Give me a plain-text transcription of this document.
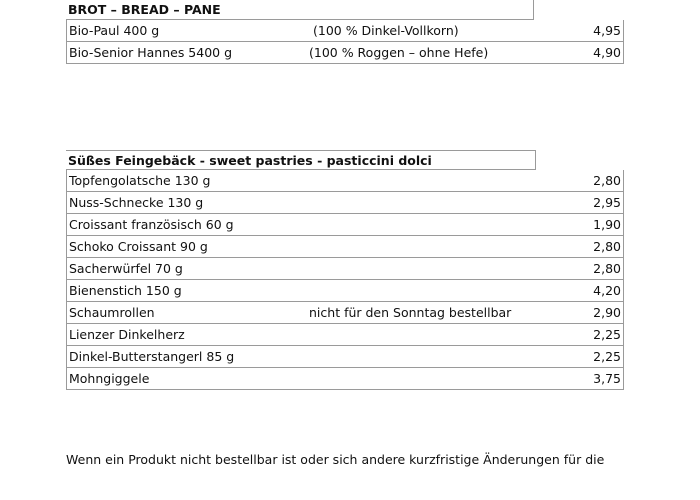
BROT – BREAD – PANE
Bio-Paul 400 g	(100 % Dinkel-Vollkorn)	4,95
Bio-Senior Hannes 5400 g	(100 % Roggen – ohne Hefe)	4,90
Süßes Feingebäck - sweet pastries - pasticcini dolci
Topfengolatsche 130 g	2,80
Nuss-Schnecke 130 g	2,95
Croissant französisch 60 g	1,90
Schoko Croissant 90 g	2,80
Sacherwürfel 70 g	2,80
Bienenstich 150 g	4,20
Schaumrollen	nicht für den Sonntag bestellbar	2,90
Lienzer Dinkelherz	2,25
Dinkel-Butterstangerl 85 g	2,25
Mohngiggele	3,75
Wenn ein Produkt nicht bestellbar ist oder sich andere kurzfristige Änderungen für die
